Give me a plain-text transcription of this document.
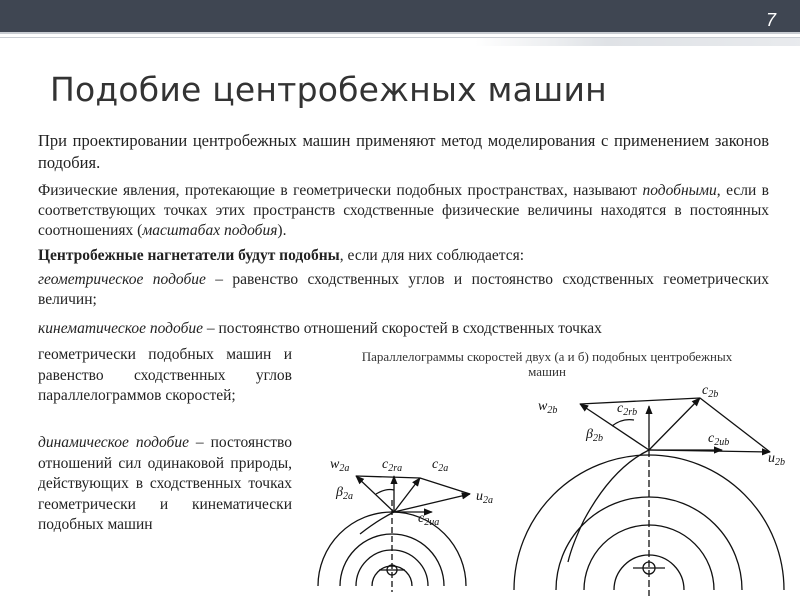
7
Подобие центробежных машин

При проектировании центробежных машин применяют метод моделирования с применением законов подобия.

Физические явления, протекающие в геометрически подобных пространствах, называют подобными, если в соответствующих точках этих пространств сходственные физические величины находятся в постоянных соотношениях (масштабах подобия).

Центробежные нагнетатели будут подобны, если для них соблюдается:

геометрическое подобие – равенство сходственных углов и постоянство сходственных геометрических величин;

кинематическое подобие – постоянство отношений скоростей в сходственных точках

геометрически подобных машин и равенство сходственных углов параллелограммов скоростей;

динамическое подобие – постоянство отношений сил одинаковой природы, действующих в сходственных точках геометрически и кинематически подобных машин

Параллелограммы скоростей двух (а и б) подобных центробежных машин
$w_{2a}$ $c_{2ra}$ $c_{2a}$
$\beta_{2a}$	$u_{2a}$
$c_{2ua}$
$w_{2b}$	$c_{2rb}$
$c_{2b}$
$\beta_{2b}$	$c_{2ub}$
$u_{2b}$
